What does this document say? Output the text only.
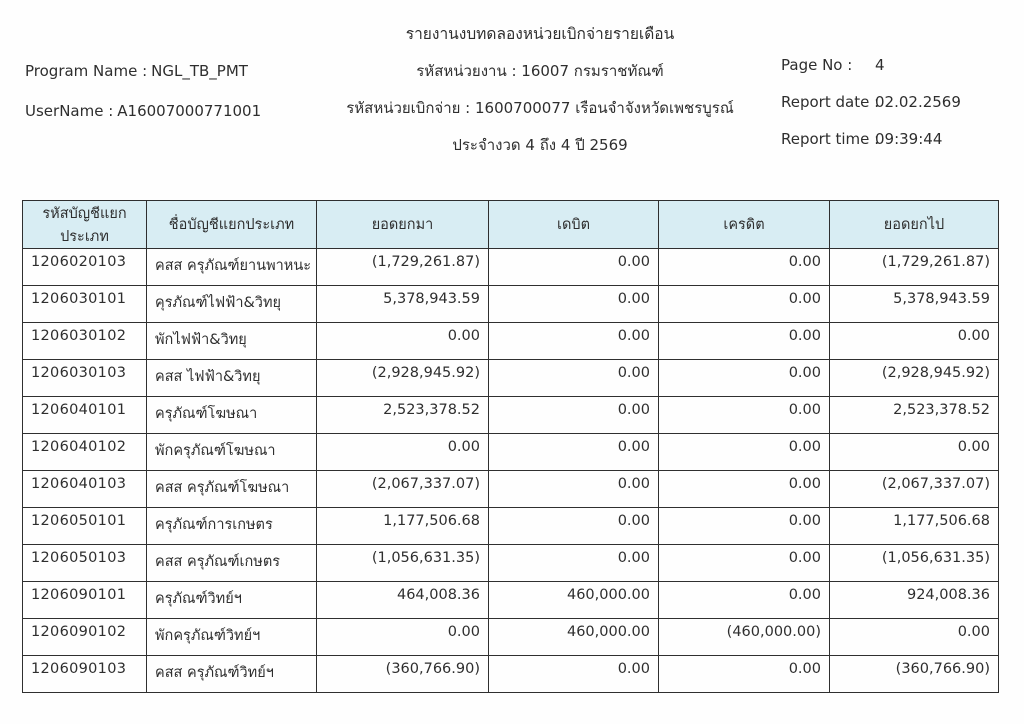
Program Name : NGL_TB_PMT
UserName : A16007000771001
รายงานงบทดลองหน่วยเบิกจ่ายรายเดือน
รหัสหน่วยงาน : 16007 กรมราชทัณฑ์
รหัสหน่วยเบิกจ่าย : 1600700077 เรือนจำจังหวัดเพชรบูรณ์
ประจำงวด 4 ถึง 4 ปี 2569
Page No :	4
Report date :
02.02.2569
Report time :
09:39:44
รหัสบัญชีแยกประเภท	ชื่อบัญชีแยกประเภท	ยอดยกมา	เดบิต	เครดิต	ยอดยกไป
1206020103	คสส ครุภัณฑ์ยานพาหนะ	(1,729,261.87)	0.00	0.00	(1,729,261.87)
1206030101	คุรภัณฑ์ไฟฟ้า&วิทยุ	5,378,943.59	0.00	0.00	5,378,943.59
1206030102	พักไฟฟ้า&วิทยุ	0.00	0.00	0.00	0.00
1206030103	คสส ไฟฟ้า&วิทยุ	(2,928,945.92)	0.00	0.00	(2,928,945.92)
1206040101	ครุภัณฑ์โฆษณา	2,523,378.52	0.00	0.00	2,523,378.52
1206040102	พักครุภัณฑ์โฆษณา	0.00	0.00	0.00	0.00
1206040103	คสส ครุภัณฑ์โฆษณา	(2,067,337.07)	0.00	0.00	(2,067,337.07)
1206050101	ครุภัณฑ์การเกษตร	1,177,506.68	0.00	0.00	1,177,506.68
1206050103	คสส ครุภัณฑ์เกษตร	(1,056,631.35)	0.00	0.00	(1,056,631.35)
1206090101	ครุภัณฑ์วิทย์ฯ	464,008.36	460,000.00	0.00	924,008.36
1206090102	พักครุภัณฑ์วิทย์ฯ	0.00	460,000.00	(460,000.00)	0.00
1206090103	คสส ครุภัณฑ์วิทย์ฯ	(360,766.90)	0.00	0.00	(360,766.90)
